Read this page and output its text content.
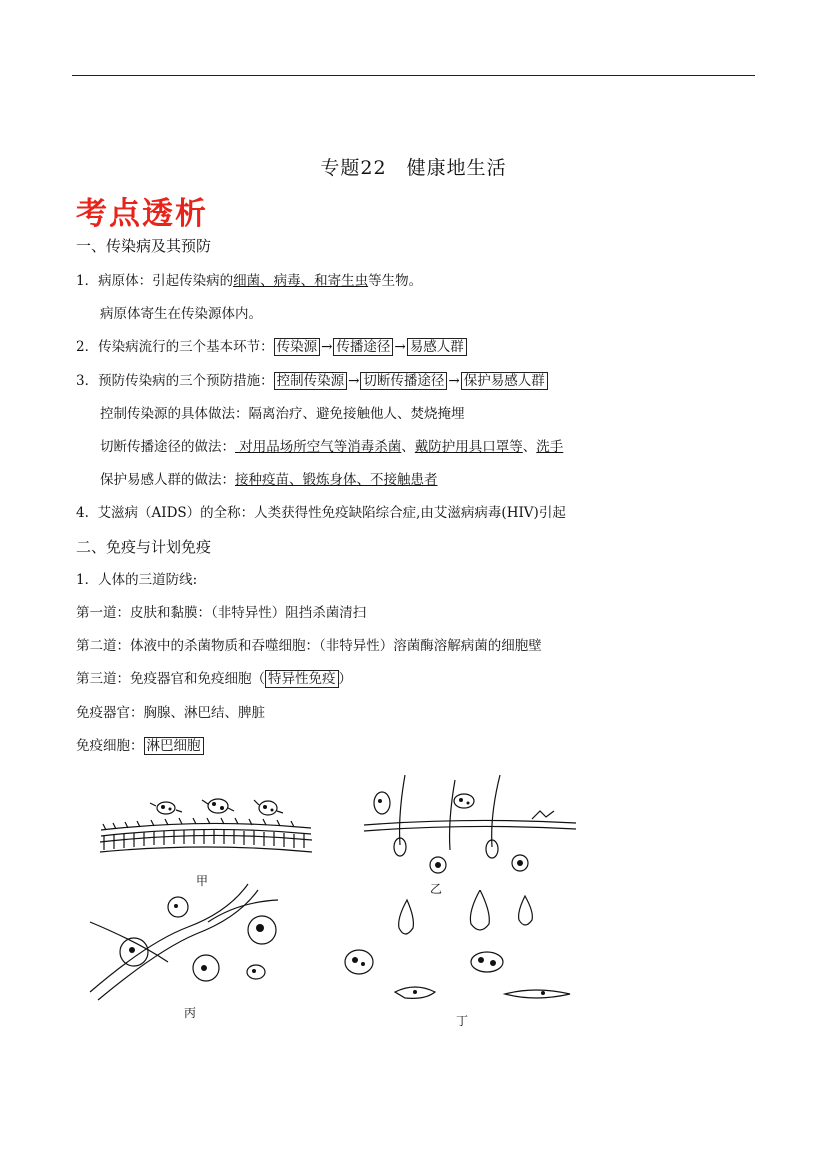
专题22　健康地生活
考点透析
一、传染病及其预防
1．病原体：引起传染病的细菌、病毒、和寄生虫等生物。
病原体寄生在传染源体内。
2．传染病流行的三个基本环节： 传染源 → 传播途径 → 易感人群
3．预防传染病的三个预防措施： 控制传染源 → 切断传播途径 → 保护易感人群
控制传染源的具体做法：隔离治疗、避免接触他人、焚烧掩埋
切断传播途径的做法： 对用品场所空气等消毒杀菌、戴防护用具口罩等、洗手
保护易感人群的做法：接种疫苗、锻炼身体、不接触患者
4. 艾滋病（AIDS）的全称：人类获得性免疫缺陷综合症,由艾滋病病毒(HIV)引起
二、免疫与计划免疫
1．人体的三道防线:
第一道：皮肤和黏膜：（非特异性）阻挡杀菌清扫
第二道：体液中的杀菌物质和吞噬细胞：（非特异性）溶菌酶溶解病菌的细胞壁
第三道：免疫器官和免疫细胞（ 特异性免疫 ）
免疫器官：胸腺、淋巴结、脾脏
免疫细胞： 淋巴细胞
甲
乙
丙
丁
